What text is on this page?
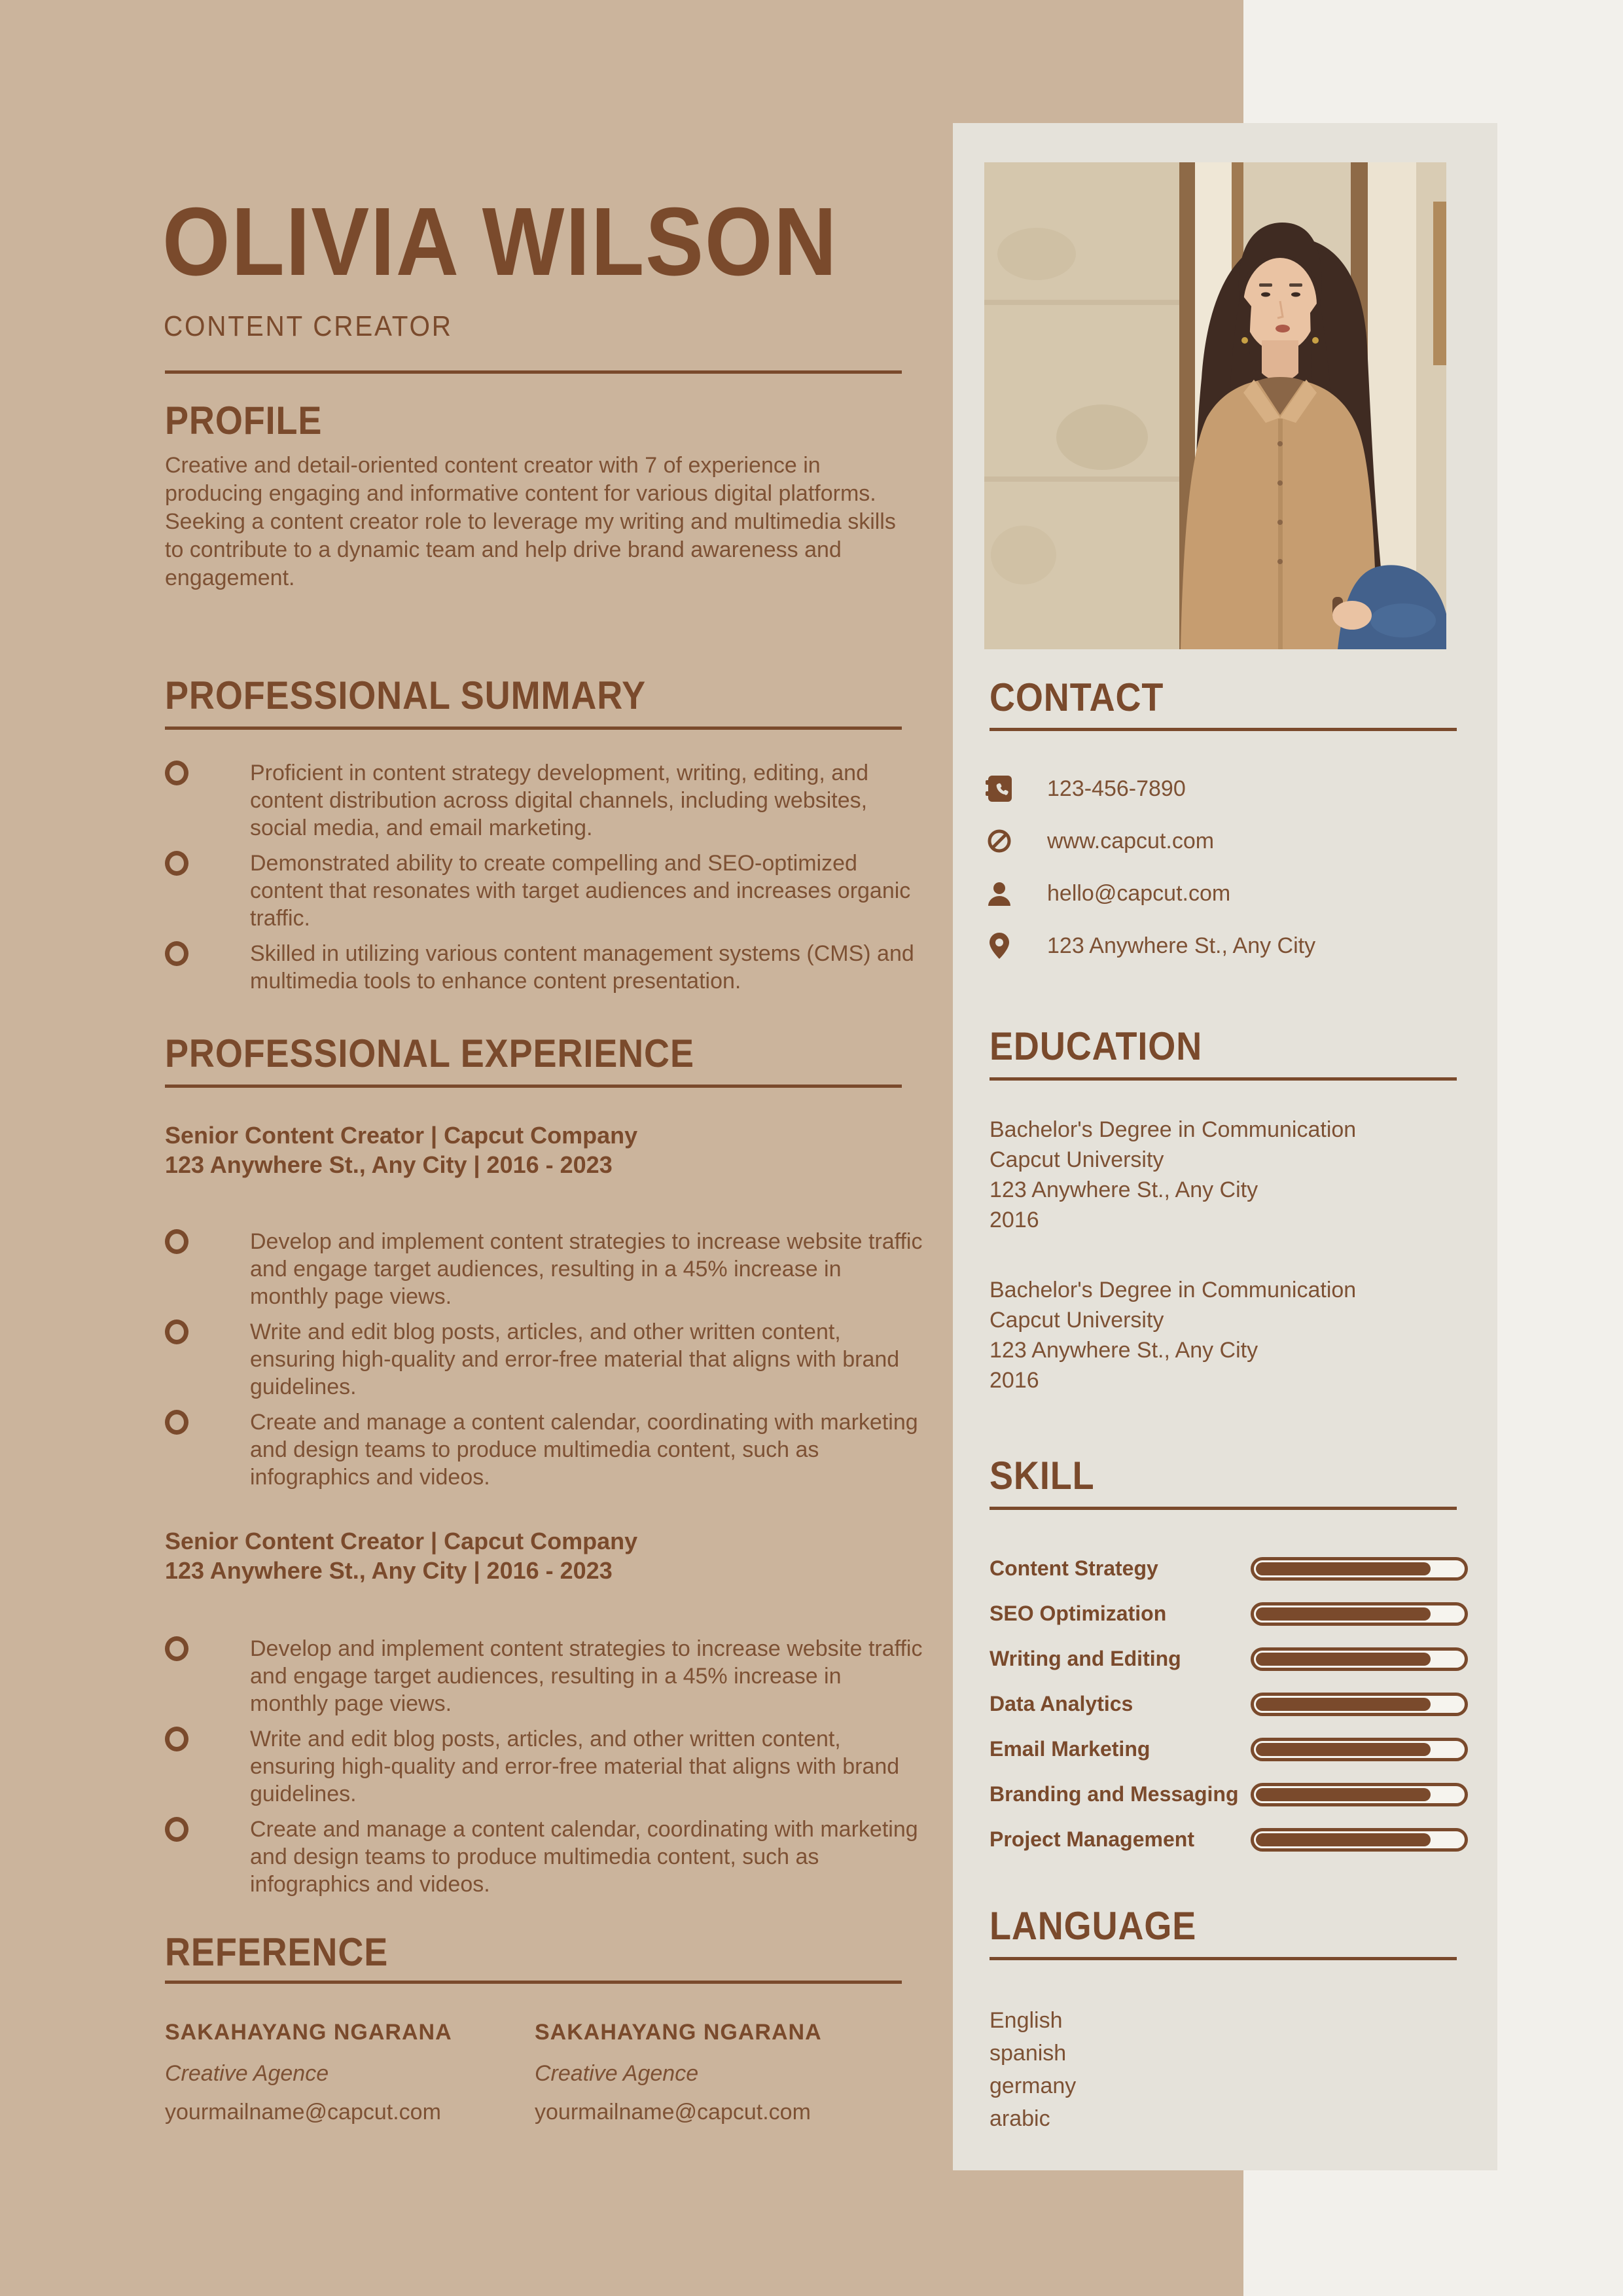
OLIVIA WILSON
CONTENT CREATOR
PROFILE
Creative and detail-oriented content creator with 7 of experience in producing engaging and informative content for various digital platforms. Seeking a content creator role to leverage my writing and multimedia skills to contribute to a dynamic team and help drive brand awareness and engagement.
PROFESSIONAL SUMMARY
Proficient in content strategy development, writing, editing, and content distribution across digital channels, including websites, social media, and email marketing.
Demonstrated ability to create compelling and SEO-optimized content that resonates with target audiences and increases organic traffic.
Skilled in utilizing various content management systems (CMS) and multimedia tools to enhance content presentation.
PROFESSIONAL EXPERIENCE
Senior Content Creator | Capcut Company
123 Anywhere St., Any City | 2016 - 2023
Develop and implement content strategies to increase website traffic and engage target audiences, resulting in a 45% increase in monthly page views.
Write and edit blog posts, articles, and other written content, ensuring high-quality and error-free material that aligns with brand guidelines.
Create and manage a content calendar, coordinating with marketing and design teams to produce multimedia content, such as infographics and videos.
Senior Content Creator | Capcut Company
123 Anywhere St., Any City | 2016 - 2023
Develop and implement content strategies to increase website traffic and engage target audiences, resulting in a 45% increase in monthly page views.
Write and edit blog posts, articles, and other written content, ensuring high-quality and error-free material that aligns with brand guidelines.
Create and manage a content calendar, coordinating with marketing and design teams to produce multimedia content, such as infographics and videos.
REFERENCE
SAKAHAYANG NGARANA
Creative Agence
yourmailname@capcut.com
SAKAHAYANG NGARANA
Creative Agence
yourmailname@capcut.com
CONTACT
123-456-7890
www.capcut.com
hello@capcut.com
123 Anywhere St., Any City
EDUCATION
Bachelor's Degree in Communication
Capcut University
123 Anywhere St., Any City
2016
Bachelor's Degree in Communication
Capcut University
123 Anywhere St., Any City
2016
SKILL
Content Strategy
SEO Optimization
Writing and Editing
Data Analytics
Email Marketing
Branding and Messaging
Project Management
LANGUAGE
English
spanish
germany
arabic
